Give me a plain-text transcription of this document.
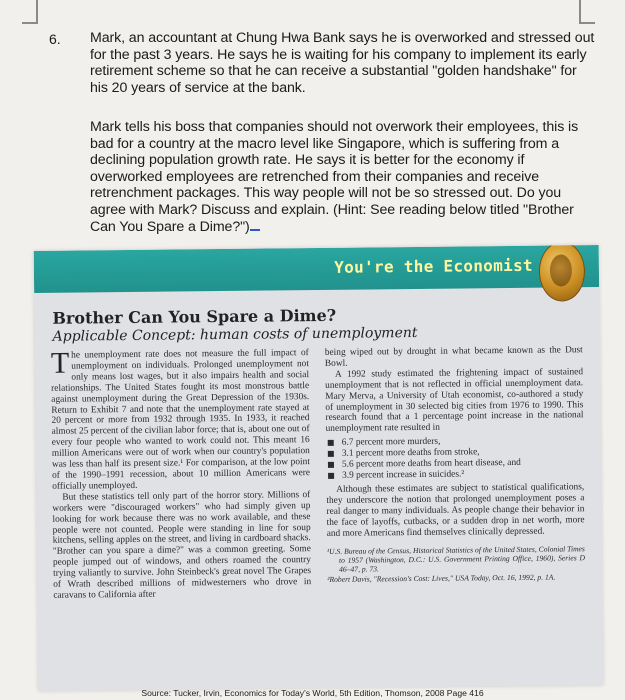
6. Mark, an accountant at Chung Hwa Bank says he is overworked and stressed out for the past 3 years. He says he is waiting for his company to implement its early retirement scheme so that he can receive a substantial "golden handshake" for his 20 years of service at the bank.
Mark tells his boss that companies should not overwork their employees, this is bad for a country at the macro level like Singapore, which is suffering from a declining population growth rate. He says it is better for the economy if overworked employees are retrenched from their companies and receive retrenchment packages. This way people will not be so stressed out. Do you agree with Mark? Discuss and explain. (Hint: See reading below titled "Brother Can You Spare a Dime?")
You're the Economist
Brother Can You Spare a Dime?
Applicable Concept: human costs of unemployment

The unemployment rate does not measure the full impact of unemployment on individuals. Prolonged unemployment not only means lost wages, but it also impairs health and social relationships. The United States fought its most monstrous battle against unemployment during the Great Depression of the 1930s. Return to Exhibit 7 and note that the unemployment rate stayed at 20 percent or more from 1932 through 1935. In 1933, it reached almost 25 percent of the civilian labor force; that is, about one out of every four people who wanted to work could not. This meant 16 million Americans were out of work when our country's population was less than half its present size.¹ For comparison, at the low point of the 1990–1991 recession, about 10 million Americans were officially unemployed.

But these statistics tell only part of the horror story. Millions of workers were "discouraged workers" who had simply given up looking for work because there was no work available, and these people were not counted. People were standing in line for soup kitchens, selling apples on the street, and living in cardboard shacks. "Brother can you spare a dime?" was a common greeting. Some people jumped out of windows, and others roamed the country trying valiantly to survive. John Steinbeck's great novel The Grapes of Wrath described millions of midwesterners who drove in caravans to California after

being wiped out by drought in what became known as the Dust Bowl.

A 1992 study estimated the frightening impact of sustained unemployment that is not reflected in official unemployment data. Mary Merva, a University of Utah economist, co-authored a study of unemployment in 30 selected big cities from 1976 to 1990. This research found that a 1 percentage point increase in the national unemployment rate resulted in

6.7 percent more murders,
3.1 percent more deaths from stroke,
5.6 percent more deaths from heart disease, and
3.9 percent increase in suicides.²

Although these estimates are subject to statistical qualifications, they underscore the notion that prolonged unemployment poses a real danger to many individuals. As people change their behavior in the face of layoffs, cutbacks, or a sudden drop in net worth, more and more Americans find themselves clinically depressed.

¹U.S. Bureau of the Census, Historical Statistics of the United States, Colonial Times to 1957 (Washington, D.C.: U.S. Government Printing Office, 1960), Series D 46–47, p. 73.
²Robert Davis, "Recession's Cost: Lives," USA Today, Oct. 16, 1992, p. 1A.
Source: Tucker, Irvin, Economics for Today's World, 5th Edition, Thomson, 2008 Page 416
